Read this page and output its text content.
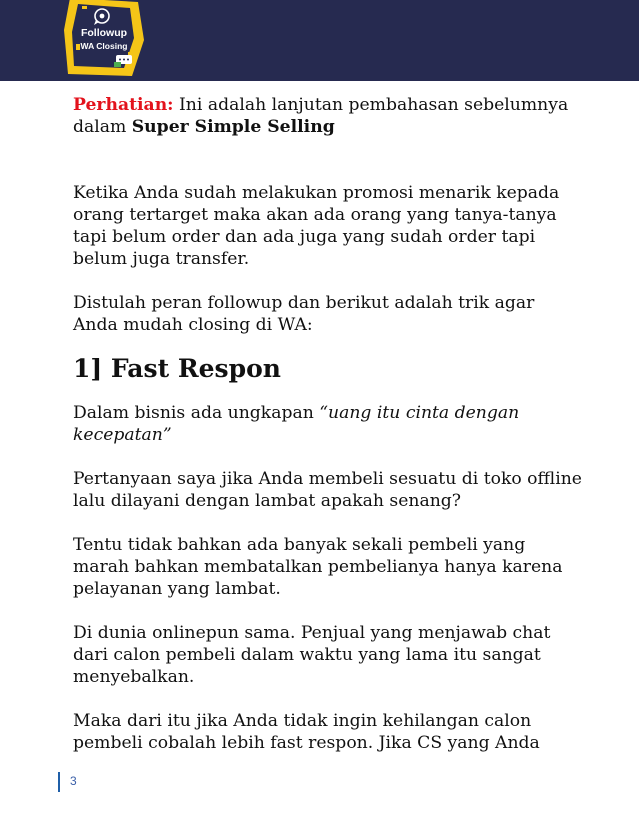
Followup
WA Closing

Perhatian: Ini adalah lanjutan pembahasan sebelumnya dalam Super Simple Selling

Ketika Anda sudah melakukan promosi menarik kepada orang tertarget maka akan ada orang yang tanya-tanya tapi belum order dan ada juga yang sudah order tapi belum juga transfer.

Distulah peran followup dan berikut adalah trik agar Anda mudah closing di WA:

1] Fast Respon

Dalam bisnis ada ungkapan “uang itu cinta dengan kecepatan”

Pertanyaan saya jika Anda membeli sesuatu di toko offline lalu dilayani dengan lambat apakah senang?

Tentu tidak bahkan ada banyak sekali pembeli yang marah bahkan membatalkan pembelianya hanya karena pelayanan yang lambat.

Di dunia onlinepun sama. Penjual yang menjawab chat dari calon pembeli dalam waktu yang lama itu sangat menyebalkan.

Maka dari itu jika Anda tidak ingin kehilangan calon pembeli cobalah lebih fast respon. Jika CS yang Anda

3
